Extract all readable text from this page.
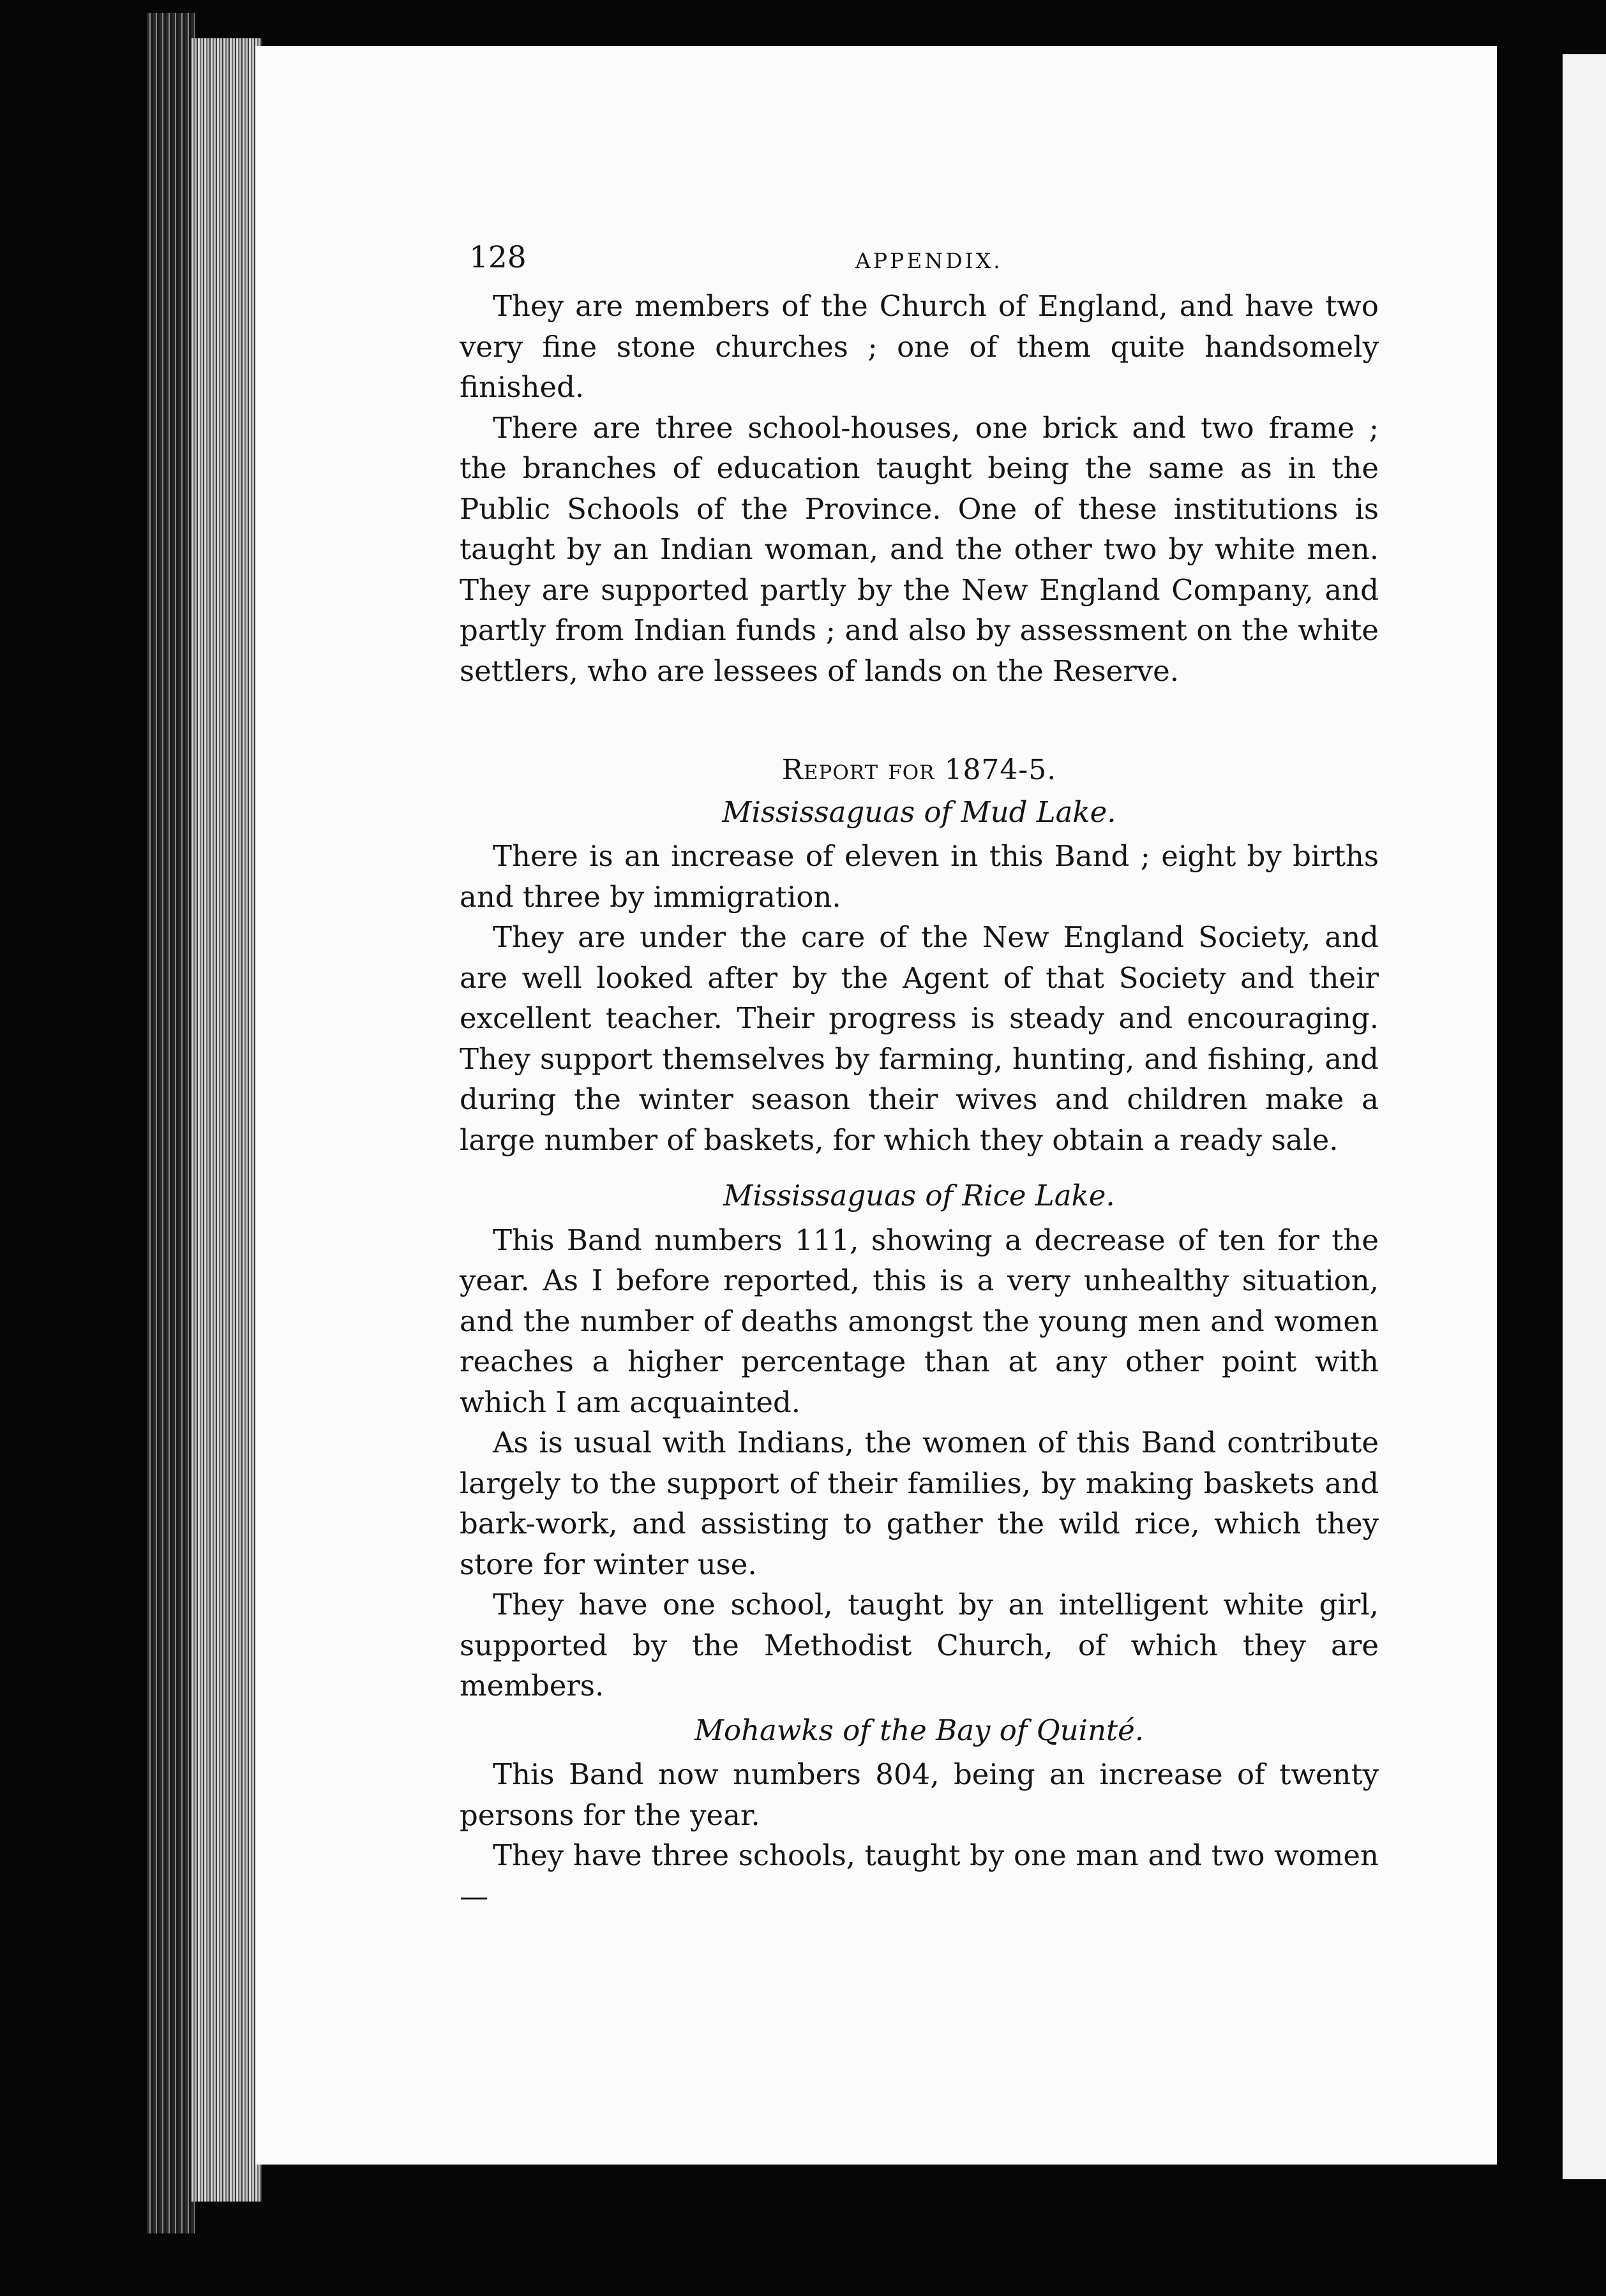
128	APPENDIX.

They are members of the Church of England, and have two very fine stone churches ; one of them quite handsomely finished.

There are three school-houses, one brick and two frame ; the branches of education taught being the same as in the Public Schools of the Province. One of these institutions is taught by an Indian woman, and the other two by white men. They are supported partly by the New England Company, and partly from Indian funds ; and also by assessment on the white settlers, who are lessees of lands on the Reserve.

Report for 1874-5.
Mississaguas of Mud Lake.

There is an increase of eleven in this Band ; eight by births and three by immigration.

They are under the care of the New England Society, and are well looked after by the Agent of that Society and their excellent teacher. Their progress is steady and encouraging. They support themselves by farming, hunting, and fishing, and during the winter season their wives and children make a large number of baskets, for which they obtain a ready sale.

Mississaguas of Rice Lake.

This Band numbers 111, showing a decrease of ten for the year. As I before reported, this is a very unhealthy situation, and the number of deaths amongst the young men and women reaches a higher percentage than at any other point with which I am acquainted.

As is usual with Indians, the women of this Band contribute largely to the support of their families, by making baskets and bark-work, and assisting to gather the wild rice, which they store for winter use.

They have one school, taught by an intelligent white girl, supported by the Methodist Church, of which they are members.

Mohawks of the Bay of Quinté.

This Band now numbers 804, being an increase of twenty persons for the year.

They have three schools, taught by one man and two women—
